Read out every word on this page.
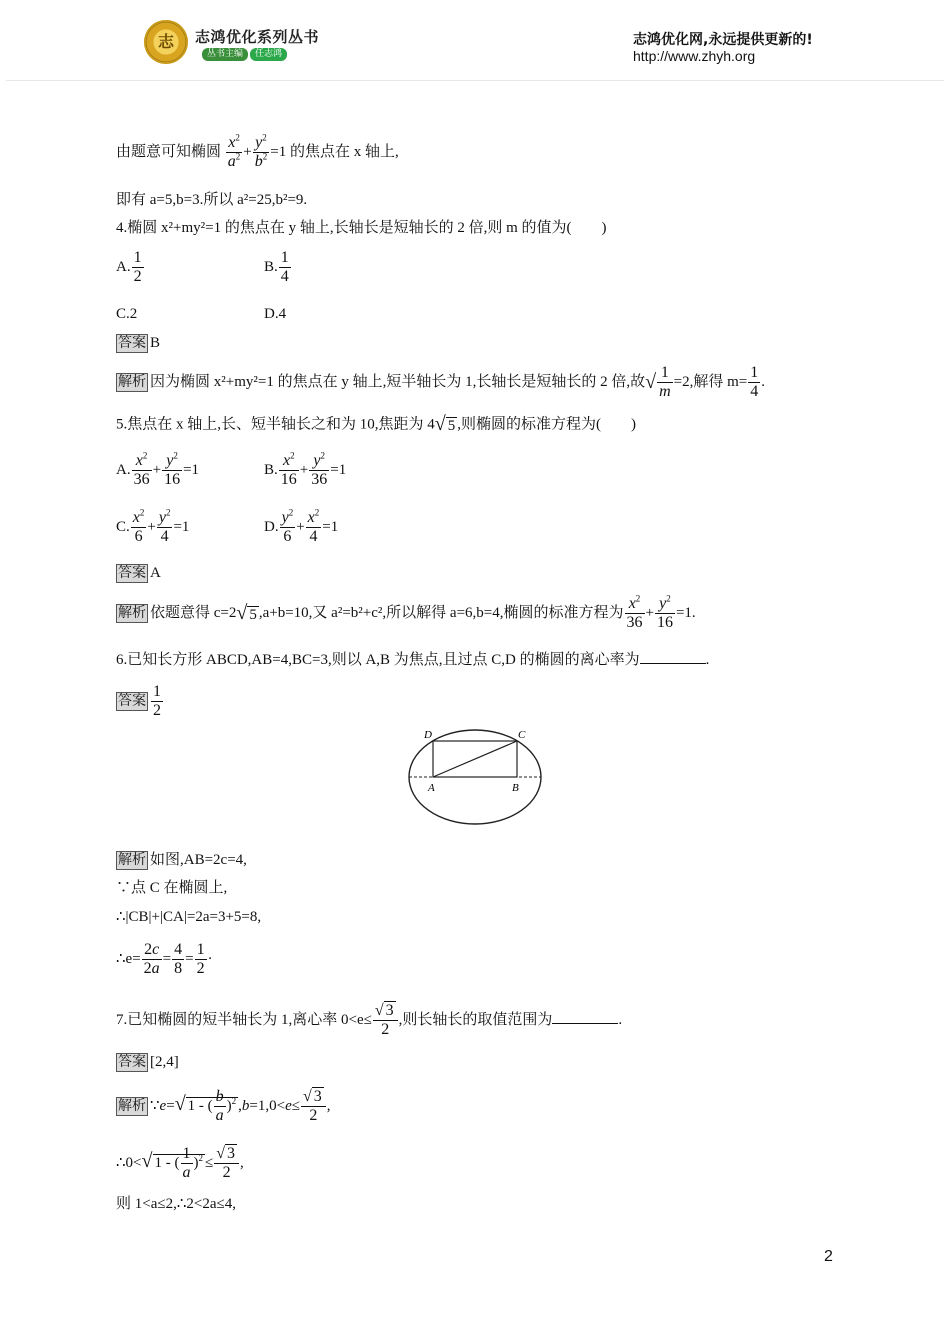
志	志鸿优化系列丛书
丛书主编 任志鸿
志鸿优化网,永远提供更新的!
http://www.zhyh.org
由题意可知椭圆 $\frac{x^2}{a^2} + \frac{y^2}{b^2} =1$ 的焦点在 x 轴上,
即有 a=5,b=3.所以 a²=25,b²=9.
4.椭圆 x²+my²=1 的焦点在 y 轴上,长轴长是短轴长的 2 倍,则 m 的值为(　　)
A. $\frac{1}{2}$	B. $\frac{1}{4}$
C.2	D.4
答案 B
解析 因为椭圆 x²+my²=1 的焦点在 y 轴上,短半轴长为 1,长轴长是短轴长的 2 倍,故√ $\frac{1}{m} =2$,解得 $m= \frac{1}{4}$ .
5.焦点在 x 轴上,长、短半轴长之和为 10,焦距为 4√ 5 ,则椭圆的标准方程为(　　)
A. $\frac{x^2}{36} + \frac{y^2}{16} =1$	B. $\frac{x^2}{16} + \frac{y^2}{36} =1$
C. $\frac{x^2}{6} + \frac{y^2}{4} =1$	D. $\frac{y^2}{6} + \frac{x^2}{4} =1$
答案 A
解析 依题意得 c=2√ 5 ,a+b=10,又 a²=b²+c²,所以解得 a=6,b=4,椭圆的标准方程为 $\frac{x^2}{36} + \frac{y^2}{16} =1$.
6.已知长方形 ABCD,AB=4,BC=3,则以 A,B 为焦点,且过点 C,D 的椭圆的离心率为	.
答案 $\frac{1}{2}$
D	C
A	B
解析 如图,AB=2c=4,
∵点 C 在椭圆上,
∴|CB|+|CA|=2a=3+5=8,
∴e= $\frac{2c}{2a} = \frac{4}{8} = \frac{1}{2}$ ·
7.已知椭圆的短半轴长为 1,离心率 $0<e\le \frac{√ 3}{2}$ ,则长轴长的取值范围为	.
答案 [2,4]
解析 ∵e=√ 1 - ( $\frac{b}{a} )^2$ $,b=1,0<e\le \frac{√ 3}{2}$ ,
∴0<√ 1 - ( $\frac{1}{a} )^2 \le \frac{√ 3}{2}$ ,
则 1<a≤2,∴2<2a≤4,
2
